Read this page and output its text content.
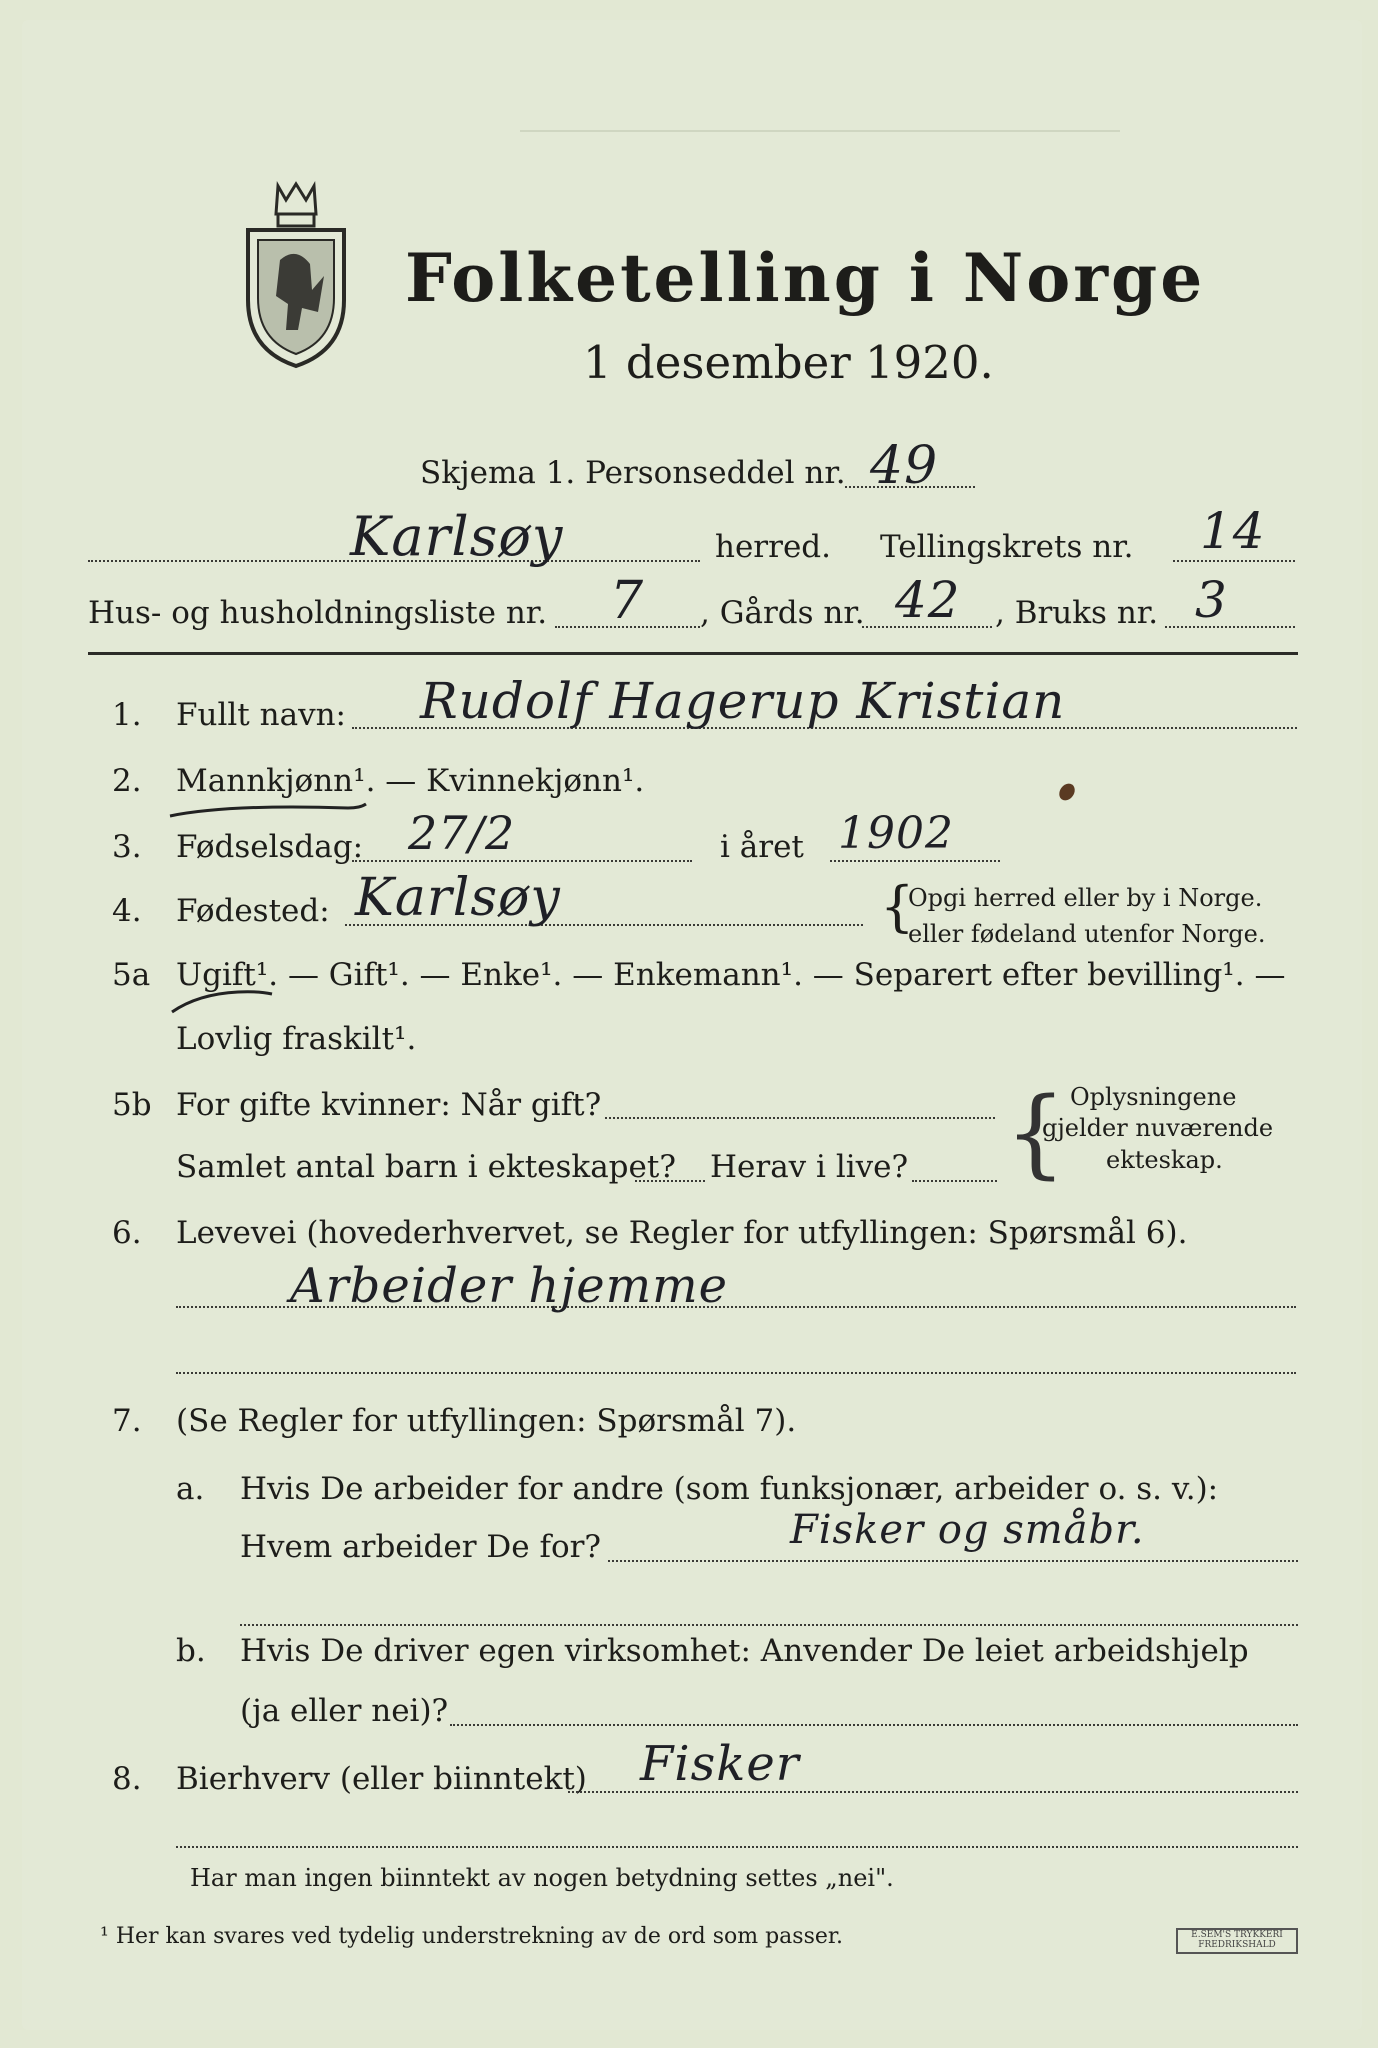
Folketelling i Norge
1 desember 1920.
Skjema 1. Personseddel nr. 49
Karlsøy	herred. Tellingskrets nr. 14
Hus- og husholdningsliste nr. 7 , Gårds nr. 42 , Bruks nr. 3
1. Fullt navn: Rudolf Hagerup Kristian
2. Mannkjønn¹. — Kvinnekjønn¹.
3. Fødselsdag: 27/2	i året 1902
4. Fødested: Karlsøy	{
Opgi herred eller by i Norge.
eller fødeland utenfor Norge.
5a Ugift¹. — Gift¹. — Enke¹. — Enkemann¹. — Separert efter bevilling¹. —
Lovlig fraskilt¹.
5b For gifte kvinner: Når gift?
Samlet antal barn i ekteskapet? Herav i live? { Oplysningene
gjelder nuværende
ekteskap.
6. Levevei (hovederhvervet, se Regler for utfyllingen: Spørsmål 6).
Arbeider hjemme
7. (Se Regler for utfyllingen: Spørsmål 7).
a. Hvis De arbeider for andre (som funksjonær, arbeider o. s. v.):
Hvem arbeider De for?	Fisker og småbr.
b. Hvis De driver egen virksomhet: Anvender De leiet arbeidshjelp
(ja eller nei)?
8. Bierhverv (eller biinntekt) Fisker
Har man ingen biinntekt av nogen betydning settes „nei".
¹ Her kan svares ved tydelig understrekning av de ord som passer.	E.SEM'S TRYKKERI FREDRIKSHALD
